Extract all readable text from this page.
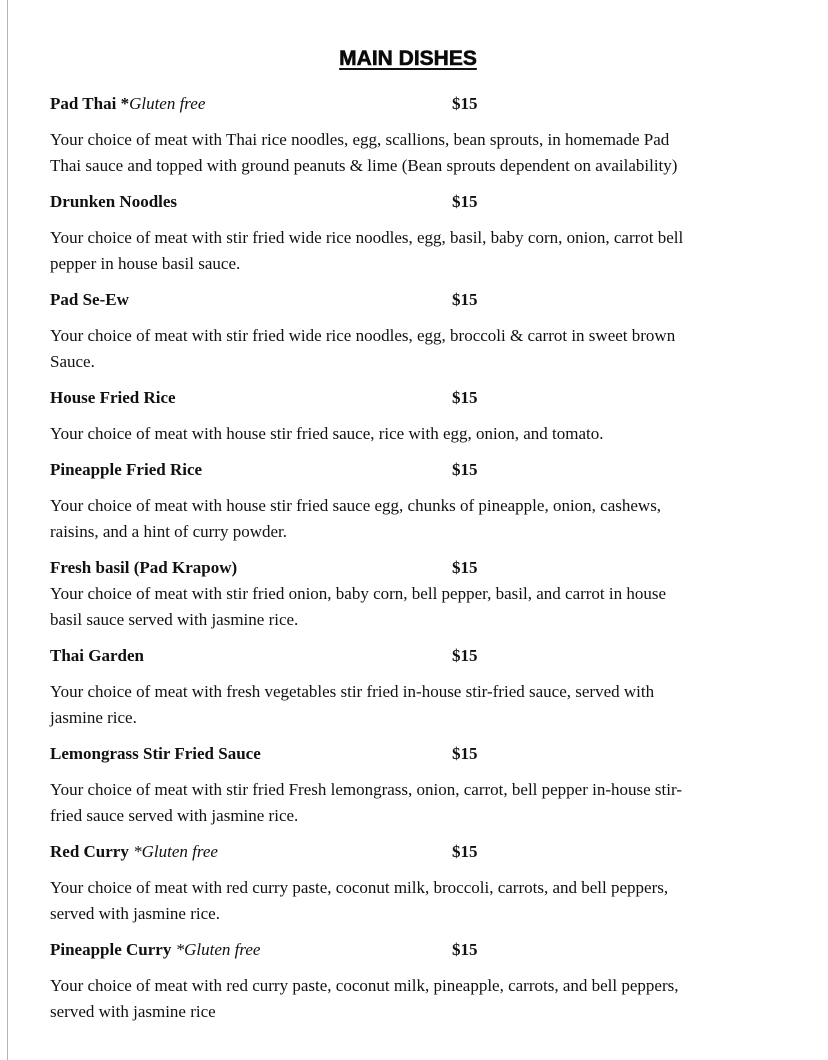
MAIN DISHES
Pad Thai *Gluten free	$15
Your choice of meat with Thai rice noodles, egg, scallions, bean sprouts, in homemade Pad
Thai sauce and topped with ground peanuts & lime (Bean sprouts dependent on availability)
Drunken Noodles	$15
Your choice of meat with stir fried wide rice noodles, egg, basil, baby corn, onion, carrot bell
pepper in house basil sauce.
Pad Se-Ew	$15
Your choice of meat with stir fried wide rice noodles, egg, broccoli & carrot in sweet brown
Sauce.
House Fried Rice	$15
Your choice of meat with house stir fried sauce, rice with egg, onion, and tomato.
Pineapple Fried Rice	$15
Your choice of meat with house stir fried sauce egg, chunks of pineapple, onion, cashews,
raisins, and a hint of curry powder.
Fresh basil (Pad Krapow)	$15
Your choice of meat with stir fried onion, baby corn, bell pepper, basil, and carrot in house
basil sauce served with jasmine rice.
Thai Garden	$15
Your choice of meat with fresh vegetables stir fried in-house stir-fried sauce, served with
jasmine rice.
Lemongrass Stir Fried Sauce	$15
Your choice of meat with stir fried Fresh lemongrass, onion, carrot, bell pepper in-house stir-
fried sauce served with jasmine rice.
Red Curry *Gluten free	$15
Your choice of meat with red curry paste, coconut milk, broccoli, carrots, and bell peppers,
served with jasmine rice.
Pineapple Curry *Gluten free	$15
Your choice of meat with red curry paste, coconut milk, pineapple, carrots, and bell peppers,
served with jasmine rice
